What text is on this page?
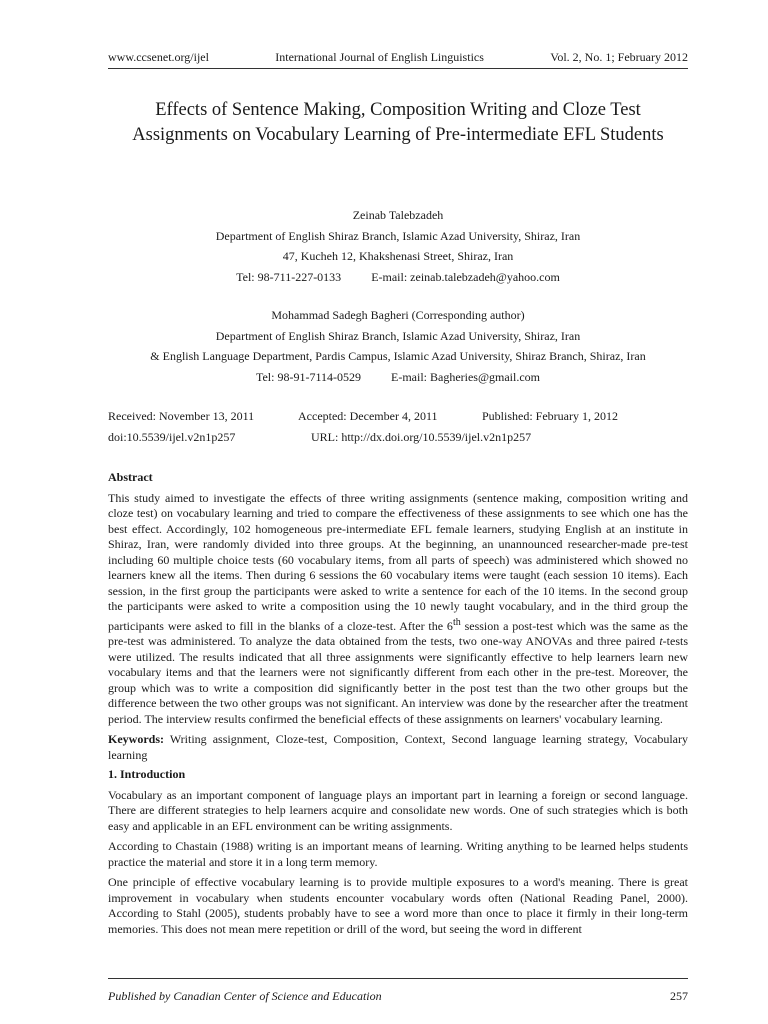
www.ccsenet.org/ijel	International Journal of English Linguistics	Vol. 2, No. 1; February 2012
Effects of Sentence Making, Composition Writing and Cloze Test Assignments on Vocabulary Learning of Pre-intermediate EFL Students
Zeinab Talebzadeh
Department of English Shiraz Branch, Islamic Azad University, Shiraz, Iran
47, Kucheh 12, Khakshenasi Street, Shiraz, Iran
Tel: 98-711-227-0133	E-mail: zeinab.talebzadeh@yahoo.com
Mohammad Sadegh Bagheri (Corresponding author)
Department of English Shiraz Branch, Islamic Azad University, Shiraz, Iran
& English Language Department, Pardis Campus, Islamic Azad University, Shiraz Branch, Shiraz, Iran
Tel: 98-91-7114-0529	E-mail: Bagheries@gmail.com
Received: November 13, 2011	Accepted: December 4, 2011	Published: February 1, 2012
doi:10.5539/ijel.v2n1p257	URL: http://dx.doi.org/10.5539/ijel.v2n1p257
Abstract

This study aimed to investigate the effects of three writing assignments (sentence making, composition writing and cloze test) on vocabulary learning and tried to compare the effectiveness of these assignments to see which one has the best effect. Accordingly, 102 homogeneous pre-intermediate EFL female learners, studying English at an institute in Shiraz, Iran, were randomly divided into three groups. At the beginning, an unannounced researcher-made pre-test including 60 multiple choice tests (60 vocabulary items, from all parts of speech) was administered which showed no learners knew all the items. Then during 6 sessions the 60 vocabulary items were taught (each session 10 items). Each session, in the first group the participants were asked to write a sentence for each of the 10 items. In the second group the participants were asked to write a composition using the 10 newly taught vocabulary, and in the third group the participants were asked to fill in the blanks of a cloze-test. After the 6th session a post-test which was the same as the pre-test was administered. To analyze the data obtained from the tests, two one-way ANOVAs and three paired t-tests were utilized. The results indicated that all three assignments were significantly effective to help learners learn new vocabulary items and that the learners were not significantly different from each other in the pre-test. Moreover, the group which was to write a composition did significantly better in the post test than the two other groups but the difference between the two other groups was not significant. An interview was done by the researcher after the treatment period. The interview results confirmed the beneficial effects of these assignments on learners' vocabulary learning.

Keywords: Writing assignment, Cloze-test, Composition, Context, Second language learning strategy, Vocabulary learning

1. Introduction

Vocabulary as an important component of language plays an important part in learning a foreign or second language. There are different strategies to help learners acquire and consolidate new words. One of such strategies which is both easy and applicable in an EFL environment can be writing assignments.

According to Chastain (1988) writing is an important means of learning. Writing anything to be learned helps students practice the material and store it in a long term memory.

One principle of effective vocabulary learning is to provide multiple exposures to a word's meaning. There is great improvement in vocabulary when students encounter vocabulary words often (National Reading Panel, 2000). According to Stahl (2005), students probably have to see a word more than once to place it firmly in their long-term memories. This does not mean mere repetition or drill of the word, but seeing the word in different

Published by Canadian Center of Science and Education	257
